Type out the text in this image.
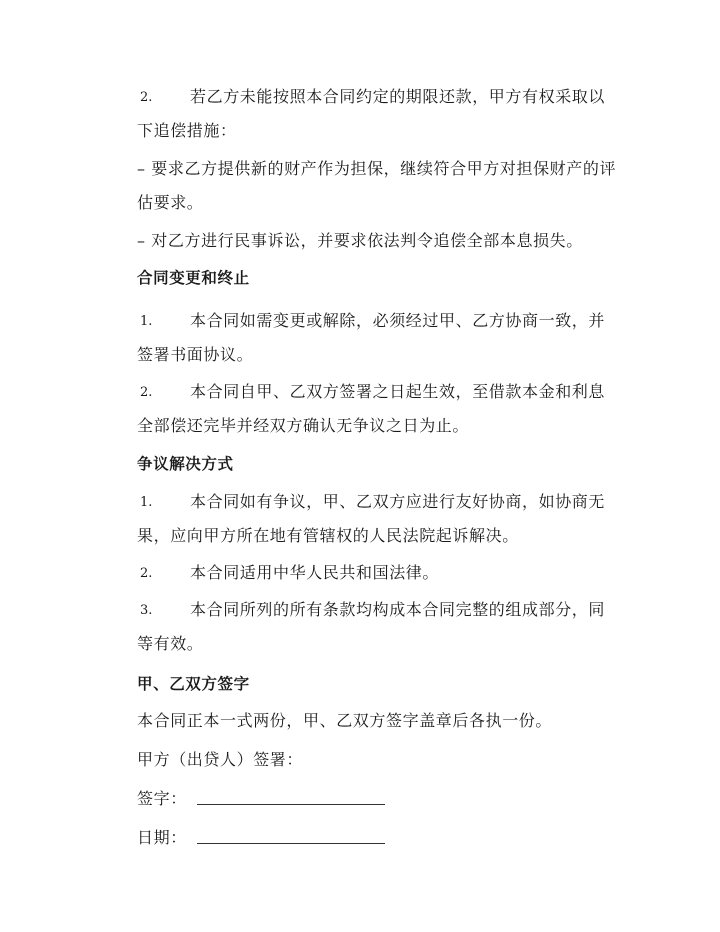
2. 若乙方未能按照本合同约定的期限还款，甲方有权采取以
下追偿措施：
– 要求乙方提供新的财产作为担保，继续符合甲方对担保财产的评
估要求。
– 对乙方进行民事诉讼，并要求依法判令追偿全部本息损失。
合同变更和终止
1. 本合同如需变更或解除，必须经过甲、乙方协商一致，并
签署书面协议。
2. 本合同自甲、乙双方签署之日起生效，至借款本金和利息
全部偿还完毕并经双方确认无争议之日为止。
争议解决方式
1. 本合同如有争议，甲、乙双方应进行友好协商，如协商无
果，应向甲方所在地有管辖权的人民法院起诉解决。
2. 本合同适用中华人民共和国法律。
3. 本合同所列的所有条款均构成本合同完整的组成部分，同
等有效。
甲、乙双方签字
本合同正本一式两份，甲、乙双方签字盖章后各执一份。
甲方（出贷人）签署：
签字：
日期：
